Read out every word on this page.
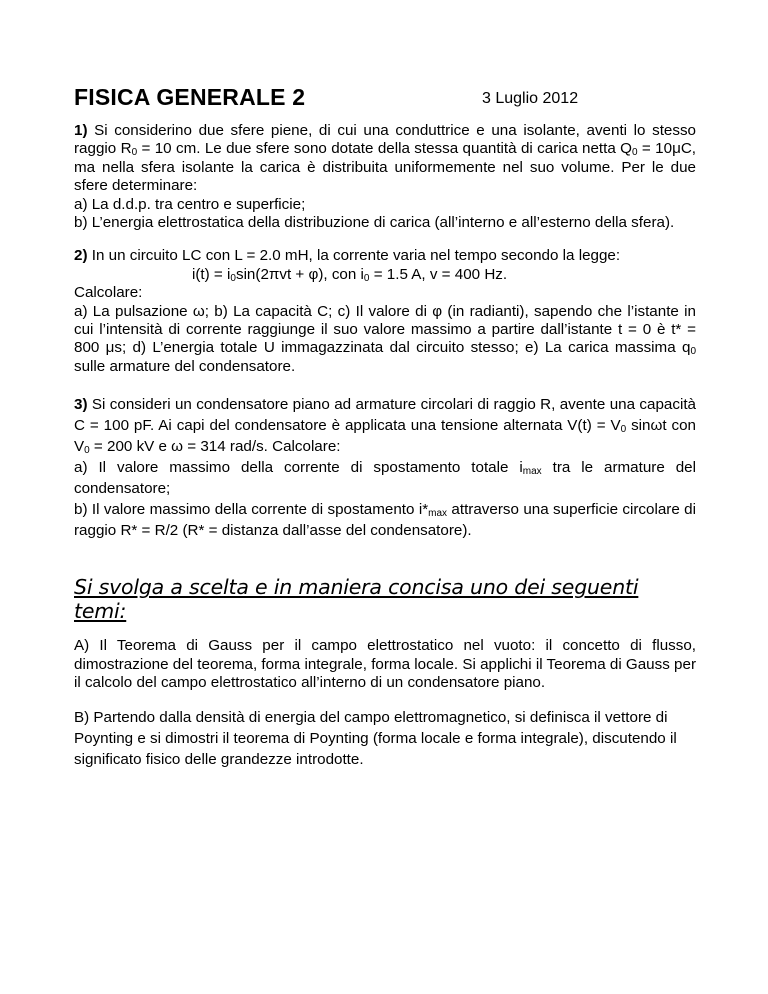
FISICA GENERALE 2	3 Luglio 2012

1) Si considerino due sfere piene, di cui una conduttrice e una isolante, aventi lo stesso raggio $R_0 = 10$ cm. Le due sfere sono dotate della stessa quantità di carica netta $Q_0 = 10\mu C$, ma nella sfera isolante la carica è distribuita uniformemente nel suo volume. Per le due sfere determinare:

a) La d.d.p. tra centro e superficie;

b) L’energia elettrostatica della distribuzione di carica (all’interno e all’esterno della sfera).

2) In un circuito LC con L = 2.0 mH, la corrente varia nel tempo secondo la legge:

$i(t) = i_0\sin(2\pi vt + \varphi)$, con $i_0 = 1.5$ A, v = 400 Hz.

Calcolare:

a) La pulsazione ω; b) La capacità C; c) Il valore di φ (in radianti), sapendo che l’istante in cui l’intensità di corrente raggiunge il suo valore massimo a partire dall’istante t = 0 è t* = 800 μs; d) L’energia totale U immagazzinata dal circuito stesso; e) La carica massima $q_0$ sulle armature del condensatore.

3) Si consideri un condensatore piano ad armature circolari di raggio R, avente una capacità C = 100 pF. Ai capi del condensatore è applicata una tensione alternata $V(t) = V_0$ sinωt con $V_0 = 200$ kV e ω = 314 rad/s. Calcolare:

a) Il valore massimo della corrente di spostamento totale $i_{max}$ tra le armature del condensatore;

b) Il valore massimo della corrente di spostamento $i*_{max}$ attraverso una superficie circolare di raggio R* = R/2 (R* = distanza dall’asse del condensatore).

Si svolga a scelta e in maniera concisa uno dei seguenti temi:
A) Il Teorema di Gauss per il campo elettrostatico nel vuoto: il concetto di flusso, dimostrazione del teorema, forma integrale, forma locale. Si applichi il Teorema di Gauss per il calcolo del campo elettrostatico all’interno di un condensatore piano.
B) Partendo dalla densità di energia del campo elettromagnetico, si definisca il vettore di Poynting e si dimostri il teorema di Poynting (forma locale e forma integrale), discutendo il significato fisico delle grandezze introdotte.
